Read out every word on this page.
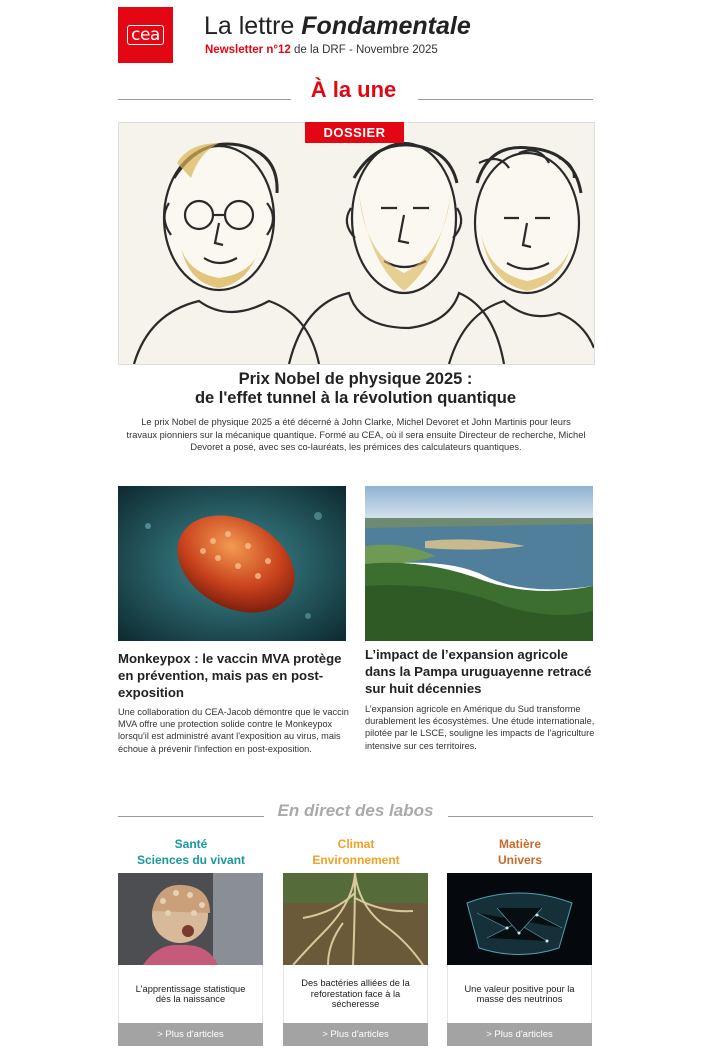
cea La lettre Fondamentale
Newsletter n°12 de la DRF - Novembre 2025
À la une
DOSSIER
Prix Nobel de physique 2025 :
de l'effet tunnel à la révolution quantique
Le prix Nobel de physique 2025 a été décerné à John Clarke, Michel Devoret et John Martinis pour leurs travaux pionniers sur la mécanique quantique. Formé au CEA, où il sera ensuite Directeur de recherche, Michel Devoret a posé, avec ses co-lauréats, les prémices des calculateurs quantiques.
Monkeypox : le vaccin MVA protège en prévention, mais pas en post-exposition
Une collaboration du CEA-Jacob démontre que le vaccin MVA offre une protection solide contre le Monkeypox lorsqu'il est administré avant l'exposition au virus, mais échoue à prévenir l'infection en post-exposition.
L’impact de l’expansion agricole dans la Pampa uruguayenne retracé sur huit décennies
L’expansion agricole en Amérique du Sud transforme durablement les écosystèmes. Une étude internationale, pilotée par le LSCE, souligne les impacts de l’agriculture intensive sur ces territoires.
En direct des labos
Santé
Sciences du vivant
L'apprentissage statistique dès la naissance
> Plus d'articles
Climat
Environnement
Des bactéries alliées de la reforestation face à la sécheresse
> Plus d'articles
Matière
Univers
Une valeur positive pour la masse des neutrinos
> Plus d'articles
